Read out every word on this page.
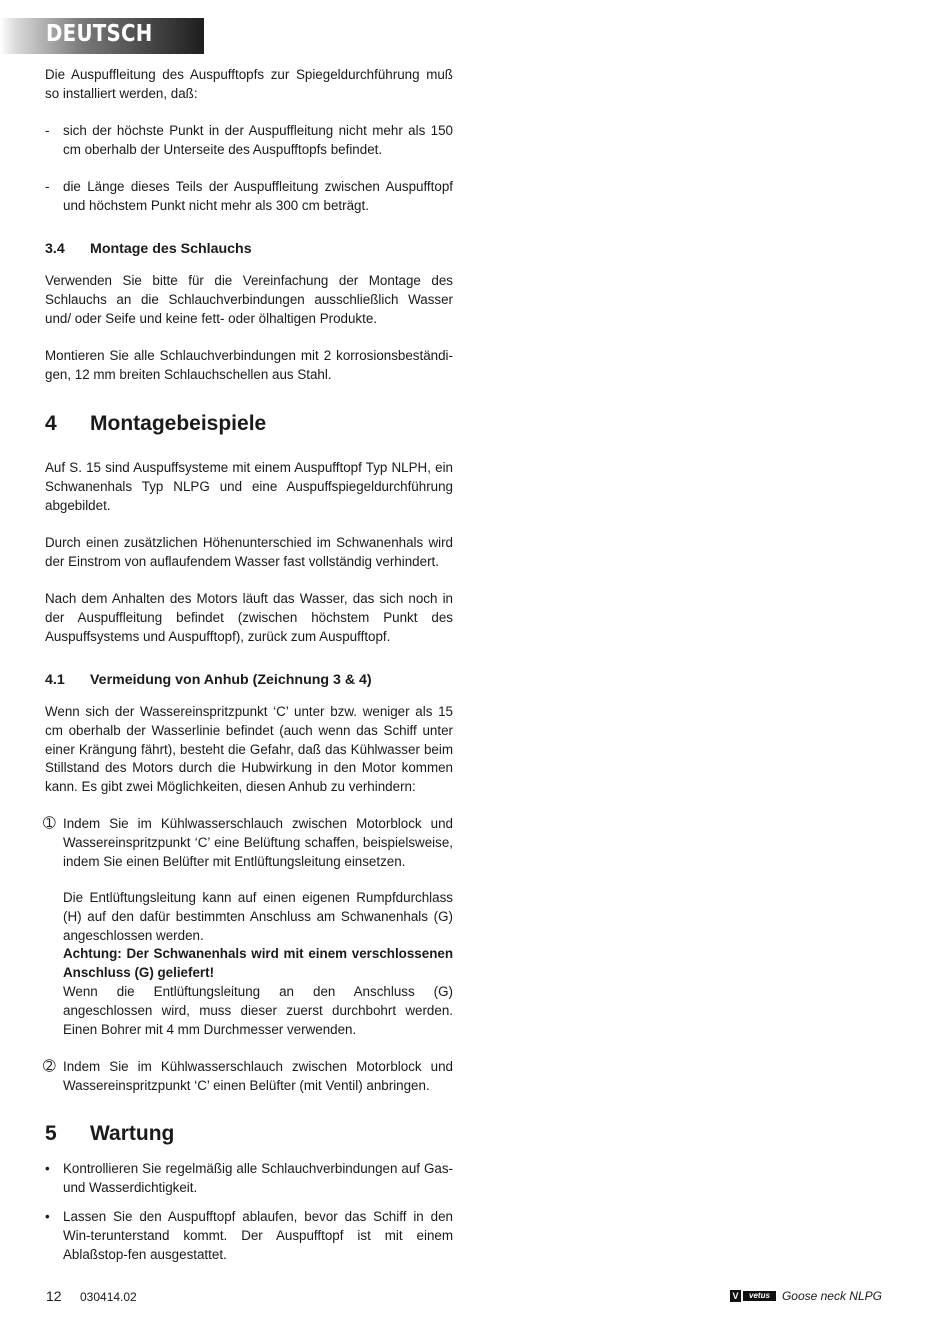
DEUTSCH

Die Auspuffleitung des Auspufftopfs zur Spiegeldurchführung muß so installiert werden, daß:

- sich der höchste Punkt in der Auspuffleitung nicht mehr als 150 cm oberhalb der Unterseite des Auspufftopfs befindet.

- die Länge dieses Teils der Auspuffleitung zwischen Auspufftopf und höchstem Punkt nicht mehr als 300 cm beträgt.

3.4 Montage des Schlauchs

Verwenden Sie bitte für die Vereinfachung der Montage des Schlauchs an die Schlauchverbindungen ausschließlich Wasser und/ oder Seife und keine fett- oder ölhaltigen Produkte.

Montieren Sie alle Schlauchverbindungen mit 2 korrosionsbeständi-gen, 12 mm breiten Schlauchschellen aus Stahl.

4 Montagebeispiele

Auf S. 15 sind Auspuffsysteme mit einem Auspufftopf Typ NLPH, ein Schwanenhals Typ NLPG und eine Auspuffspiegeldurchführung abgebildet.

Durch einen zusätzlichen Höhenunterschied im Schwanenhals wird der Einstrom von auflaufendem Wasser fast vollständig verhindert.

Nach dem Anhalten des Motors läuft das Wasser, das sich noch in der Auspuffleitung befindet (zwischen höchstem Punkt des Auspuffsystems und Auspufftopf), zurück zum Auspufftopf.

4.1 Vermeidung von Anhub (Zeichnung 3 & 4)

Wenn sich der Wassereinspritzpunkt ‘C’ unter bzw. weniger als 15 cm oberhalb der Wasserlinie befindet (auch wenn das Schiff unter einer Krängung fährt), besteht die Gefahr, daß das Kühlwasser beim Stillstand des Motors durch die Hubwirkung in den Motor kommen kann. Es gibt zwei Möglichkeiten, diesen Anhub zu verhindern:

➀ Indem Sie im Kühlwasserschlauch zwischen Motorblock und Wassereinspritzpunkt ‘C’ eine Belüftung schaffen, beispielsweise, indem Sie einen Belüfter mit Entlüftungsleitung einsetzen.

Die Entlüftungsleitung kann auf einen eigenen Rumpfdurchlass (H) auf den dafür bestimmten Anschluss am Schwanenhals (G) angeschlossen werden.

Achtung: Der Schwanenhals wird mit einem verschlossenen Anschluss (G) geliefert!

Wenn die Entlüftungsleitung an den Anschluss (G) angeschlossen wird, muss dieser zuerst durchbohrt werden. Einen Bohrer mit 4 mm Durchmesser verwenden.

➁ Indem Sie im Kühlwasserschlauch zwischen Motorblock und Wassereinspritzpunkt ‘C’ einen Belüfter (mit Ventil) anbringen.

5 Wartung

• Kontrollieren Sie regelmäßig alle Schlauchverbindungen auf Gas- und Wasserdichtigkeit.

• Lassen Sie den Auspufftopf ablaufen, bevor das Schiff in den Win-terunterstand kommt. Der Auspufftopf ist mit einem Ablaßstop-fen ausgestattet.

12 030414.02	V	vetus	Goose neck NLPG
